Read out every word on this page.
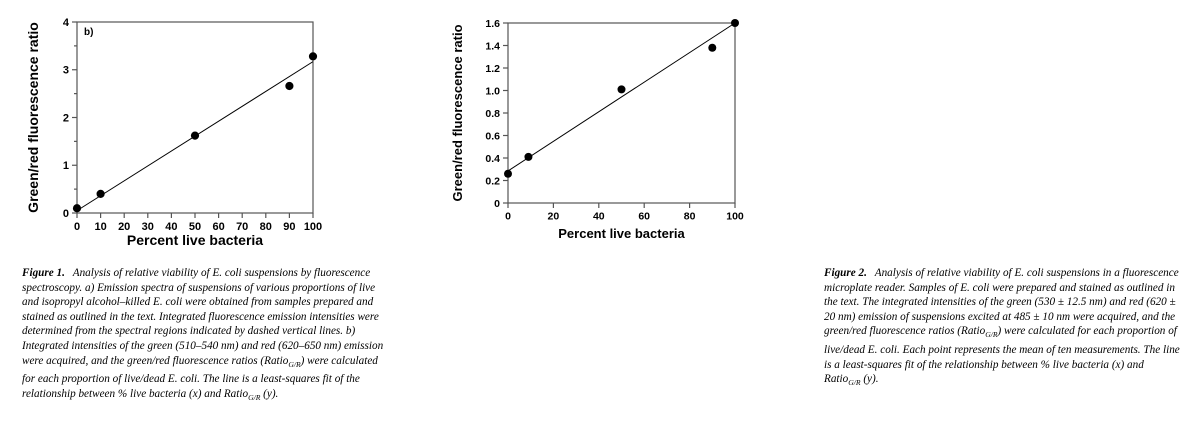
b)
0 10 20 30 40 50 60 70 80 90 100
0
1
2
3
4
Percent live bacteria
Green/red fluorescence ratio
Figure 1. Analysis of relative viability of E. coli suspensions by fluorescence spectroscopy. a) Emission spectra of suspensions of various proportions of live and isopropyl alcohol–killed E. coli were obtained from samples prepared and stained as outlined in the text. Integrated fluorescence emission intensities were determined from the spectral regions indicated by dashed vertical lines. b) Integrated intensities of the green (510–540 nm) and red (620–650 nm) emission were acquired, and the green/red fluorescence ratios (Ratio$_{G/R}$) were calculated for each proportion of live/dead E. coli. The line is a least-squares fit of the relationship between % live bacteria (x) and Ratio$_{G/R}$ (y).
0	20	40	60	80	100
0
0.2
0.4
0.6
0.8
1.0
1.2
1.4
1.6
Percent live bacteria
Green/red fluorescence ratio
Figure 2. Analysis of relative viability of E. coli suspensions in a fluorescence microplate reader. Samples of E. coli were prepared and stained as outlined in the text. The integrated intensities of the green (530 ± 12.5 nm) and red (620 ± 20 nm) emission of suspensions excited at 485 ± 10 nm were acquired, and the green/red fluorescence ratios (Ratio$_{G/R}$) were calculated for each proportion of live/dead E. coli. Each point represents the mean of ten measurements. The line is a least-squares fit of the relationship between % live bacteria (x) and Ratio$_{G/R}$ (y).
